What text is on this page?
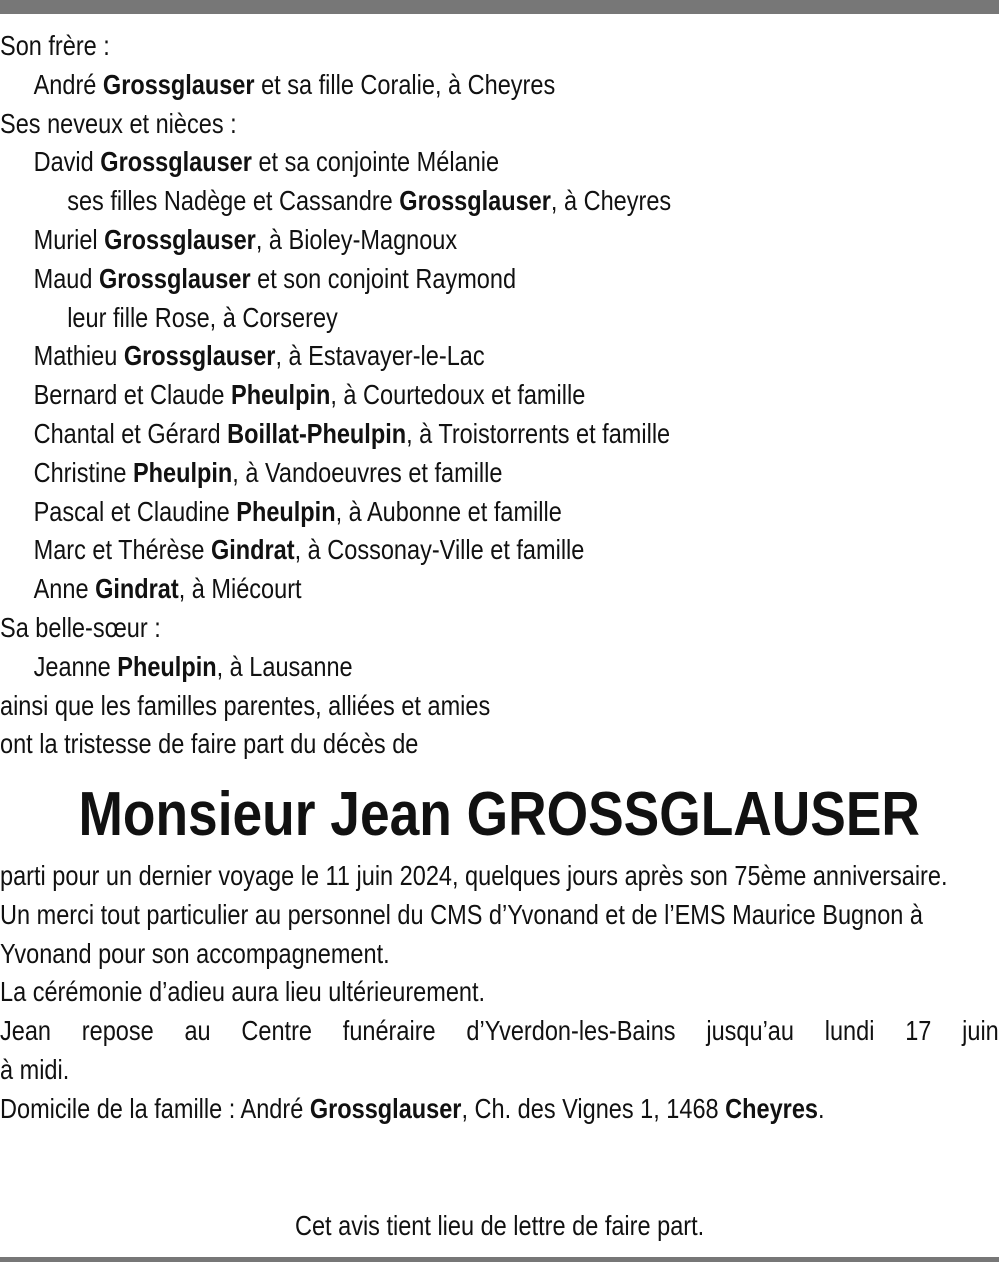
Son frère :
André Grossglauser et sa fille Coralie, à Cheyres
Ses neveux et nièces :
David Grossglauser et sa conjointe Mélanie
ses filles Nadège et Cassandre Grossglauser, à Cheyres
Muriel Grossglauser, à Bioley-Magnoux
Maud Grossglauser et son conjoint Raymond
leur fille Rose, à Corserey
Mathieu Grossglauser, à Estavayer-le-Lac
Bernard et Claude Pheulpin, à Courtedoux et famille
Chantal et Gérard Boillat-Pheulpin, à Troistorrents et famille
Christine Pheulpin, à Vandoeuvres et famille
Pascal et Claudine Pheulpin, à Aubonne et famille
Marc et Thérèse Gindrat, à Cossonay-Ville et famille
Anne Gindrat, à Miécourt
Sa belle-sœur :
Jeanne Pheulpin, à Lausanne
ainsi que les familles parentes, alliées et amies
ont la tristesse de faire part du décès de
Monsieur Jean GROSSGLAUSER

parti pour un dernier voyage le 11 juin 2024, quelques jours après son 75ème anniversaire.

Un merci tout particulier au personnel du CMS d’Yvonand et de l’EMS Maurice Bugnon à Yvonand pour son accompagnement.

La cérémonie d’adieu aura lieu ultérieurement.

Jean repose au Centre funéraire d’Yverdon-les-Bains jusqu’au lundi 17 juin

à midi.

Domicile de la famille : André Grossglauser, Ch. des Vignes 1, 1468 Cheyres.

Cet avis tient lieu de lettre de faire part.
